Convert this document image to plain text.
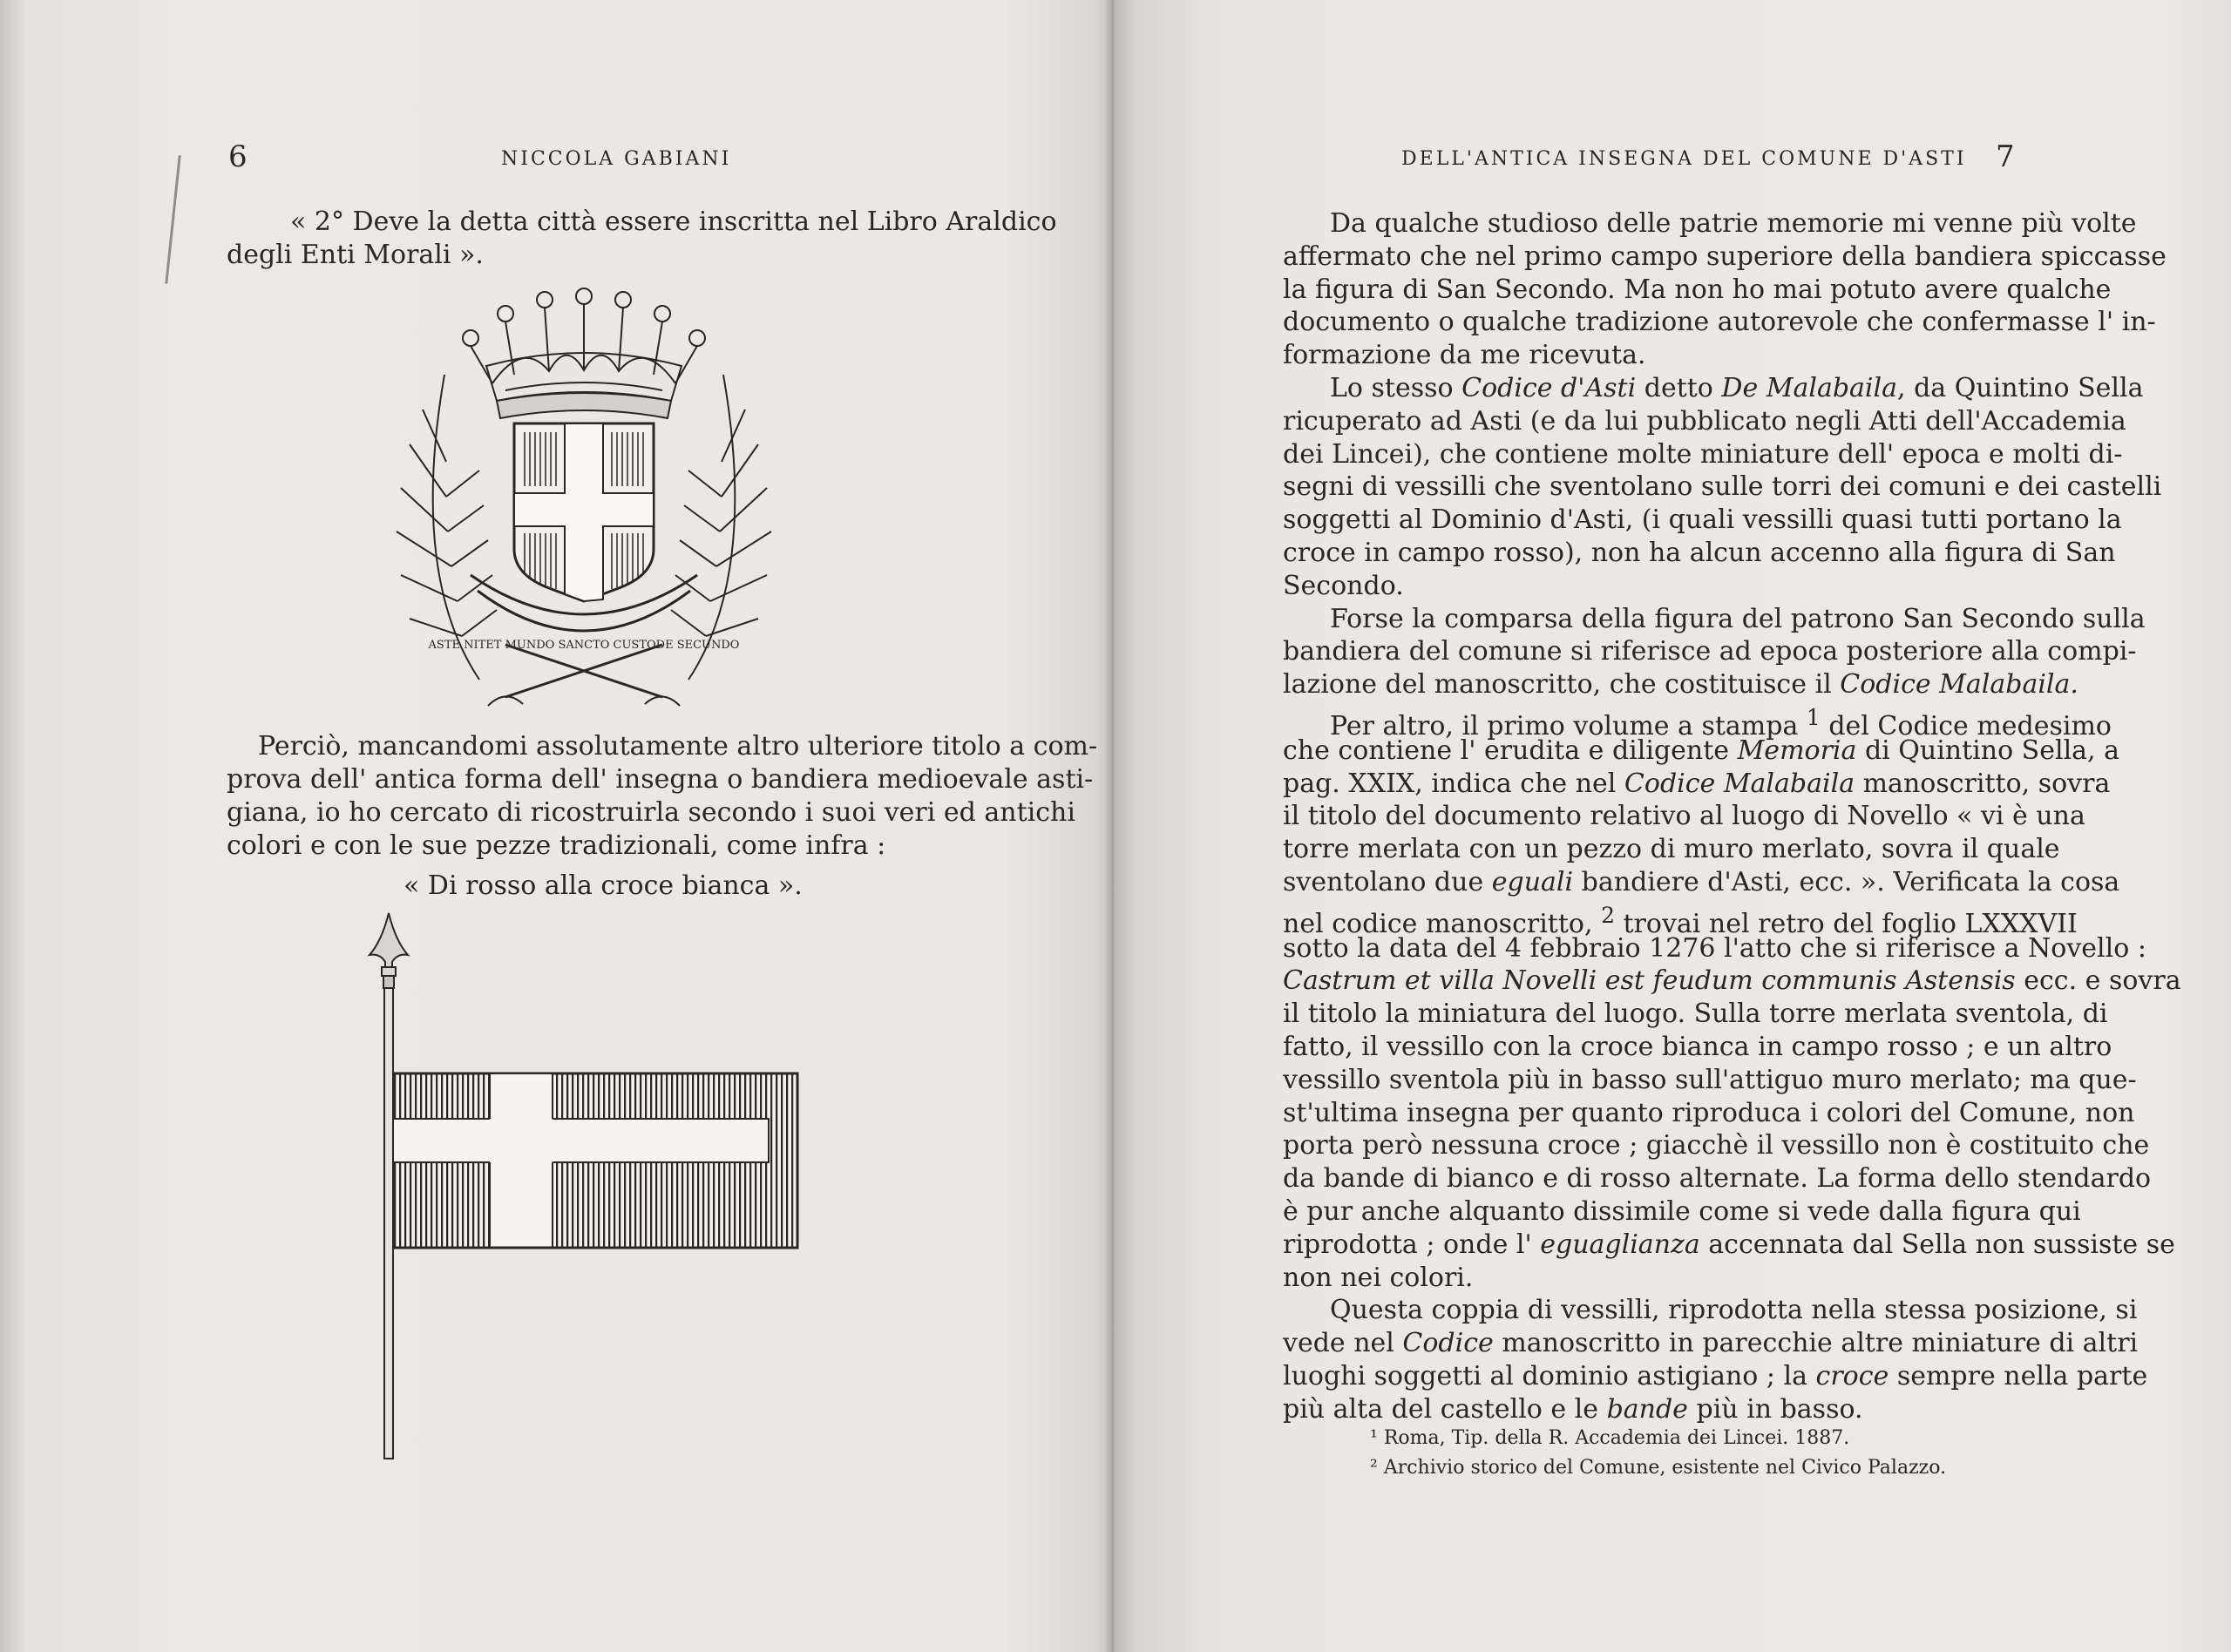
6	NICCOLA GABIANI
« 2° Deve la detta città essere inscritta nel Libro Araldico
degli Enti Morali ».
ASTE NITET MUNDO SANCTO CUSTODE SECUNDO
Perciò, mancandomi assolutamente altro ulteriore titolo a com-
prova dell' antica forma dell' insegna o bandiera medioevale asti-
giana, io ho cercato di ricostruirla secondo i suoi veri ed antichi
colori e con le sue pezze tradizionali, come infra :
« Di rosso alla croce bianca ».
DELL'ANTICA INSEGNA DEL COMUNE D'ASTI 7
Da qualche studioso delle patrie memorie mi venne più volte
affermato che nel primo campo superiore della bandiera spiccasse
la figura di San Secondo. Ma non ho mai potuto avere qualche
documento o qualche tradizione autorevole che confermasse l' in-
formazione da me ricevuta.
Lo stesso Codice d'Asti detto De Malabaila, da Quintino Sella
ricuperato ad Asti (e da lui pubblicato negli Atti dell'Accademia
dei Lincei), che contiene molte miniature dell' epoca e molti di-
segni di vessilli che sventolano sulle torri dei comuni e dei castelli
soggetti al Dominio d'Asti, (i quali vessilli quasi tutti portano la
croce in campo rosso), non ha alcun accenno alla figura di San
Secondo.
Forse la comparsa della figura del patrono San Secondo sulla
bandiera del comune si riferisce ad epoca posteriore alla compi-
lazione del manoscritto, che costituisce il Codice Malabaila.
Per altro, il primo volume a stampa $^1$ del Codice medesimo
che contiene l' erudita e diligente Memoria di Quintino Sella, a
pag. XXIX, indica che nel Codice Malabaila manoscritto, sovra
il titolo del documento relativo al luogo di Novello « vi è una
torre merlata con un pezzo di muro merlato, sovra il quale
sventolano due eguali bandiere d'Asti, ecc. ». Verificata la cosa
nel codice manoscritto, $^2$ trovai nel retro del foglio LXXXVII
sotto la data del 4 febbraio 1276 l'atto che si riferisce a Novello :
Castrum et villa Novelli est feudum communis Astensis ecc. e sovra
il titolo la miniatura del luogo. Sulla torre merlata sventola, di
fatto, il vessillo con la croce bianca in campo rosso ; e un altro
vessillo sventola più in basso sull'attiguo muro merlato; ma que-
st'ultima insegna per quanto riproduca i colori del Comune, non
porta però nessuna croce ; giacchè il vessillo non è costituito che
da bande di bianco e di rosso alternate. La forma dello stendardo
è pur anche alquanto dissimile come si vede dalla figura qui
riprodotta ; onde l' eguaglianza accennata dal Sella non sussiste se
non nei colori.
Questa coppia di vessilli, riprodotta nella stessa posizione, si
vede nel Codice manoscritto in parecchie altre miniature di altri
luoghi soggetti al dominio astigiano ; la croce sempre nella parte
più alta del castello e le bande più in basso.
¹ Roma, Tip. della R. Accademia dei Lincei. 1887.
² Archivio storico del Comune, esistente nel Civico Palazzo.
